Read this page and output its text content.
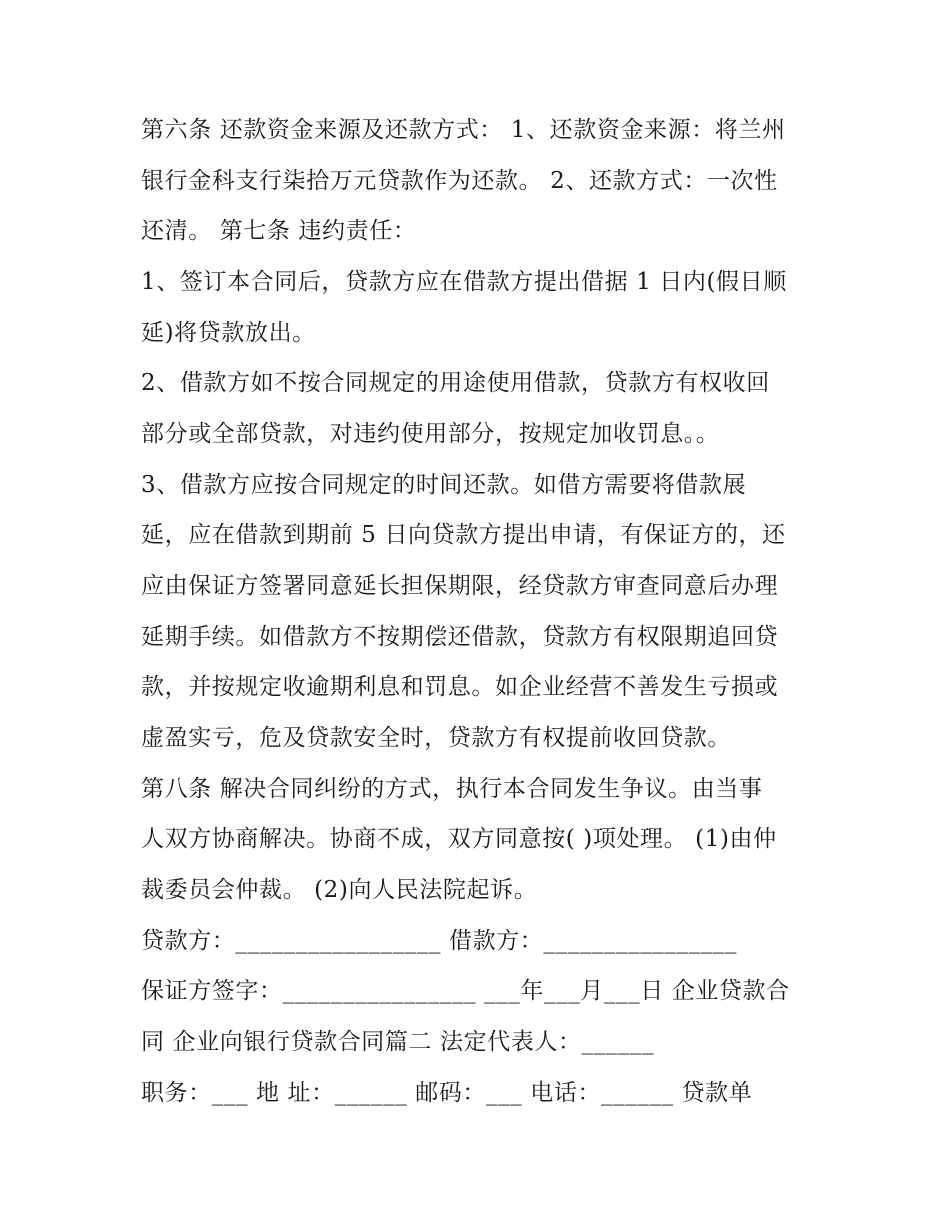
第六条 还款资金来源及还款方式： 1、还款资金来源：将兰州
银行金科支行柒拾万元贷款作为还款。 2、还款方式：一次性
还清。 第七条 违约责任：
1、签订本合同后，贷款方应在借款方提出借据 1 日内(假日顺
延)将贷款放出。
2、借款方如不按合同规定的用途使用借款，贷款方有权收回
部分或全部贷款，对违约使用部分，按规定加收罚息。。
3、借款方应按合同规定的时间还款。如借方需要将借款展
延，应在借款到期前 5 日向贷款方提出申请，有保证方的，还
应由保证方签署同意延长担保期限，经贷款方审查同意后办理
延期手续。如借款方不按期偿还借款，贷款方有权限期追回贷
款，并按规定收逾期利息和罚息。如企业经营不善发生亏损或
虚盈实亏，危及贷款安全时，贷款方有权提前收回贷款。
第八条 解决合同纠纷的方式，执行本合同发生争议。由当事
人双方协商解决。协商不成，双方同意按( )项处理。 (1)由仲
裁委员会仲裁。 (2)向人民法院起诉。
贷款方：_________________ 借款方：________________
保证方签字：________________ ___年___月___日 企业贷款合
同 企业向银行贷款合同篇二 法定代表人：______
职务：___ 地 址：______ 邮码：___ 电话：______ 贷款单
